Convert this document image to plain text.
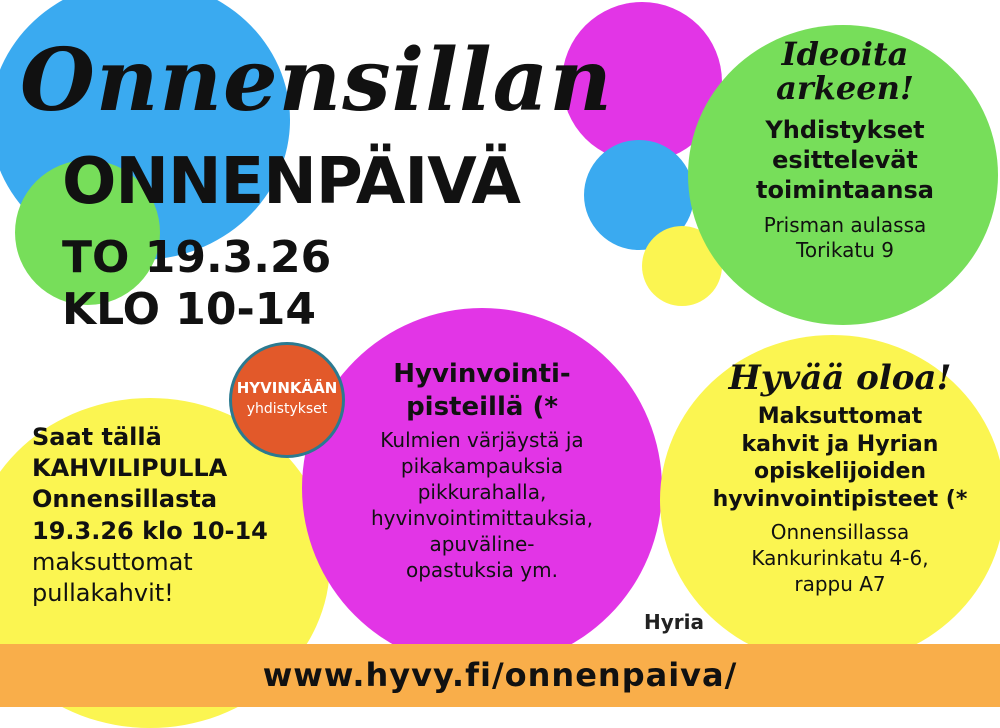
Onnensillan
ONNENPÄIVÄ
TO 19.3.26
KLO 10-14
HYVINKÄÄN
yhdistykset
Ideoita
arkeen!
Yhdistykset
esittelevät
toimintaansa
Prisman aulassa
Torikatu 9
Saat tällä
KAHVILIPULLA
Onnensillasta
19.3.26 klo 10-14
maksuttomat
pullakahvit!
Hyvinvointi-
pisteillä (*
Kulmien värjäystä ja
pikakampauksia
pikkurahalla,
hyvinvointimittauksia,
apuväline-
opastuksia ym.
Hyria
Hyvää oloa!
Maksuttomat
kahvit ja Hyrian
opiskelijoiden
hyvinvointipisteet (*
Onnensillassa
Kankurinkatu 4-6,
rappu A7
www.hyvy.fi/onnenpaiva/
